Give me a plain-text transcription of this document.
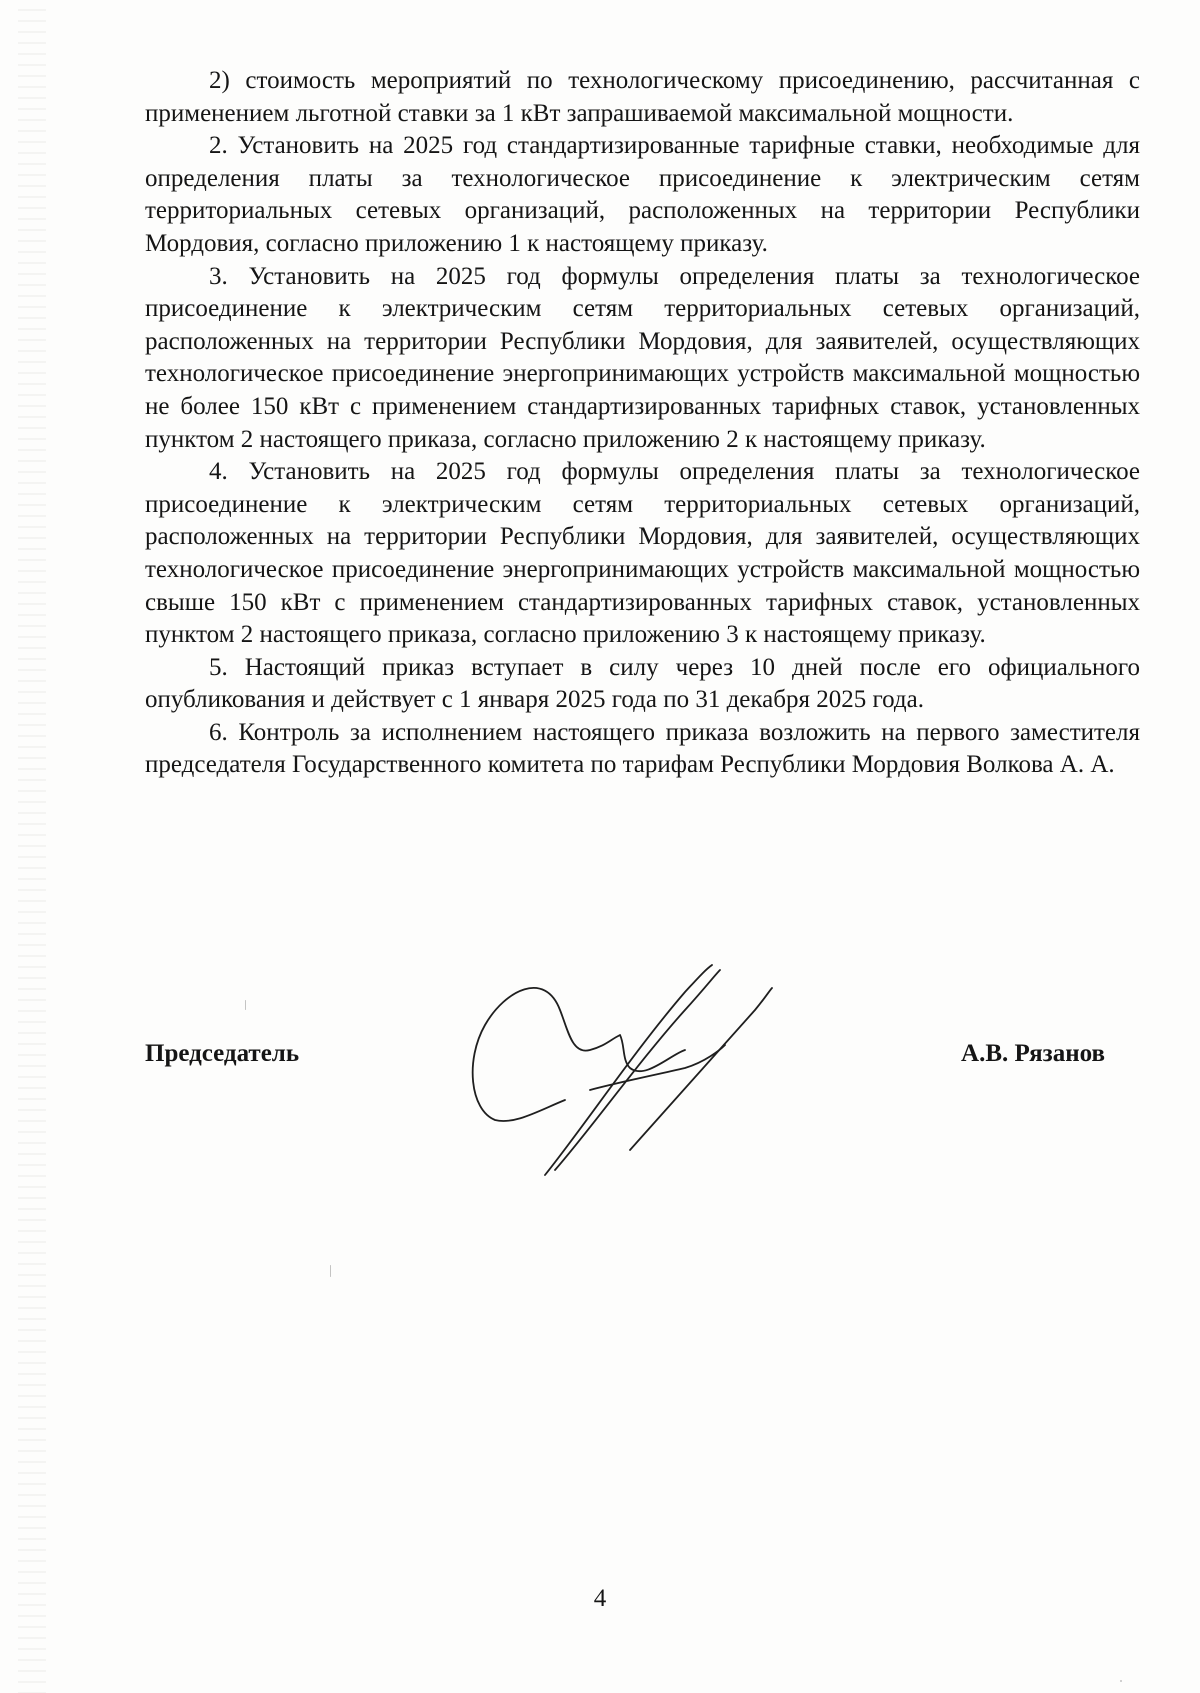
2) стоимость мероприятий по технологическому присоединению, рассчитанная с применением льготной ставки за 1 кВт запрашиваемой максимальной мощности.

2. Установить на 2025 год стандартизированные тарифные ставки, необходимые для определения платы за технологическое присоединение к электрическим сетям территориальных сетевых организаций, расположенных на территории Республики Мордовия, согласно приложению 1 к настоящему приказу.

3. Установить на 2025 год формулы определения платы за технологическое присоединение к электрическим сетям территориальных сетевых организаций, расположенных на территории Республики Мордовия, для заявителей, осуществляющих технологическое присоединение энергопринимающих устройств максимальной мощностью не более 150 кВт с применением стандартизированных тарифных ставок, установленных пунктом 2 настоящего приказа, согласно приложению 2 к настоящему приказу.

4. Установить на 2025 год формулы определения платы за технологическое присоединение к электрическим сетям территориальных сетевых организаций, расположенных на территории Республики Мордовия, для заявителей, осуществляющих технологическое присоединение энергопринимающих устройств максимальной мощностью свыше 150 кВт с применением стандартизированных тарифных ставок, установленных пунктом 2 настоящего приказа, согласно приложению 3 к настоящему приказу.

5. Настоящий приказ вступает в силу через 10 дней после его официального опубликования и действует с 1 января 2025 года по 31 декабря 2025 года.

6. Контроль за исполнением настоящего приказа возложить на первого заместителя председателя Государственного комитета по тарифам Республики Мордовия Волкова А. А.

Председатель	А.В. Рязанов
4
